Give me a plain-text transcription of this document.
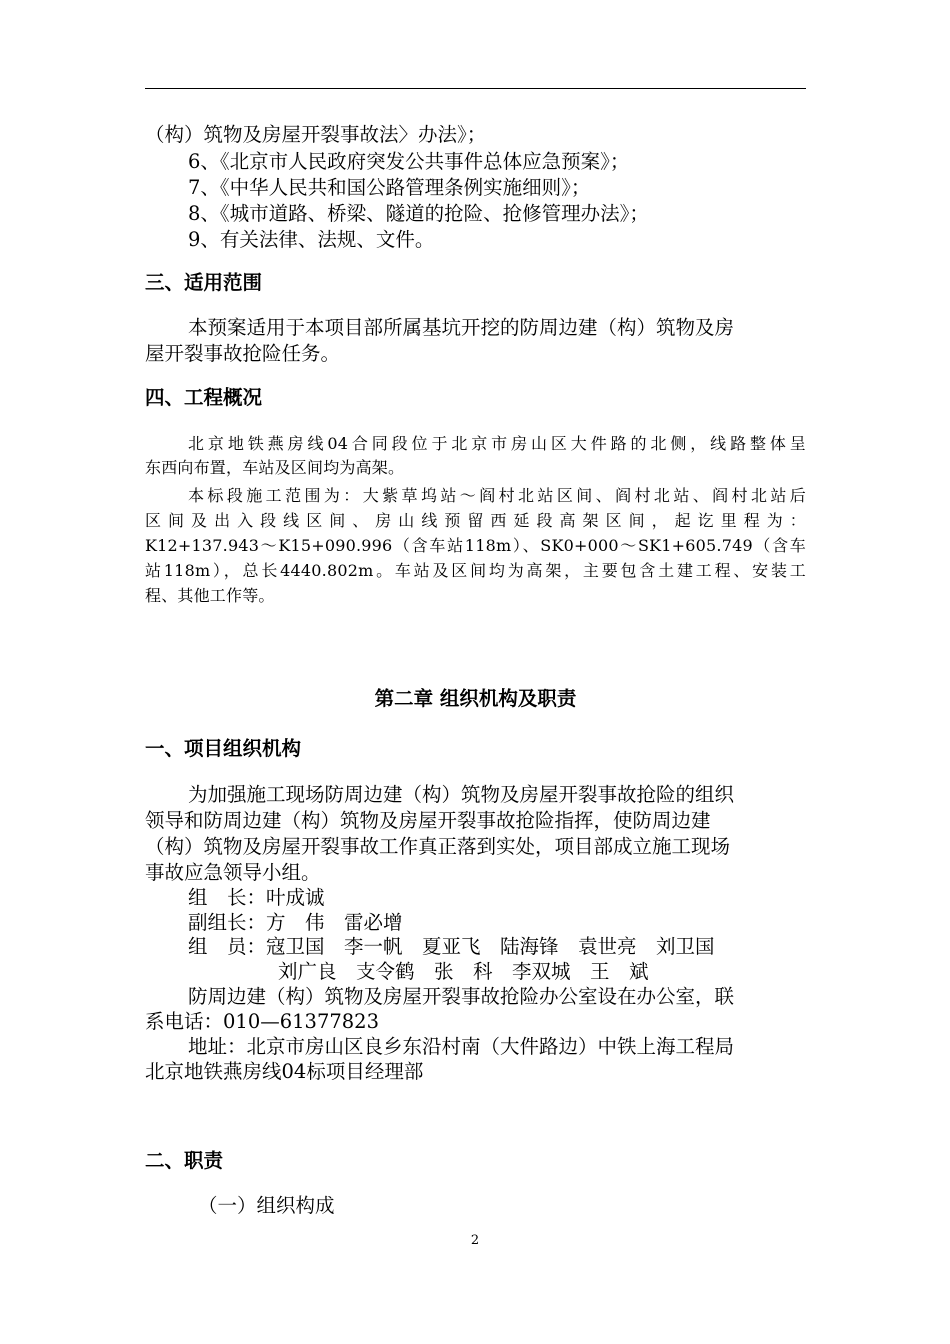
（构）筑物及房屋开裂事故法〉办法》；
6、《北京市人民政府突发公共事件总体应急预案》；
7、《中华人民共和国公路管理条例实施细则》；
8、《城市道路、桥梁、隧道的抢险、抢修管理办法》；
9、有关法律、法规、文件。
三、适用范围
本预案适用于本项目部所属基坑开挖的防周边建（构）筑物及房
屋开裂事故抢险任务。
四、工程概况
北京地铁燕房线04合同段位于北京市房山区大件路的北侧，线路整体呈
东西向布置，车站及区间均为高架。
本标段施工范围为：大紫草坞站～阎村北站区间、阎村北站、阎村北站后
区间及出入段线区间、房山线预留西延段高架区间，起讫里程为：
K12+137.943～K15+090.996（含车站118m）、SK0+000～SK1+605.749（含车
站118m），总长4440.802m。车站及区间均为高架，主要包含土建工程、安装工
程、其他工作等。
第二章 组织机构及职责
一、项目组织机构
为加强施工现场防周边建（构）筑物及房屋开裂事故抢险的组织
领导和防周边建（构）筑物及房屋开裂事故抢险指挥，使防周边建
（构）筑物及房屋开裂事故工作真正落到实处，项目部成立施工现场
事故应急领导小组。
组　长：叶成诚
副组长：方　伟　雷必增
组　员：寇卫国　李一帆　夏亚飞　陆海锋　袁世亮　刘卫国
刘广良　支令鹤　张　科　李双城　王　斌
防周边建（构）筑物及房屋开裂事故抢险办公室设在办公室，联
系电话：010—61377823
地址：北京市房山区良乡东沿村南（大件路边）中铁上海工程局
北京地铁燕房线04标项目经理部
二、职责
（一）组织构成
2
